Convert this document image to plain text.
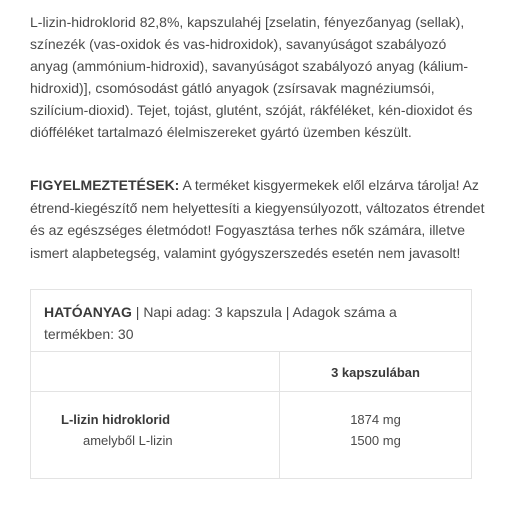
L-lizin-hidroklorid 82,8%, kapszulahéj [zselatin, fényezőanyag (sellak), színezék (vas-oxidok és vas-hidroxidok), savanyúságot szabályozó anyag (ammónium-hidroxid), savanyúságot szabályozó anyag (kálium-hidroxid)], csomósodást gátló anyagok (zsírsavak magnéziumsói, szilícium-dioxid). Tejet, tojást, glutént, szóját, rákféléket, kén-dioxidot és diófféléket tartalmazó élelmiszereket gyártó üzemben készült.

FIGYELMEZTETÉSEK: A terméket kisgyermekek elől elzárva tárolja! Az étrend-kiegészítő nem helyettesíti a kiegyensúlyozott, változatos étrendet és az egészséges életmódot! Fogyasztása terhes nők számára, illetve ismert alapbetegség, valamint gyógyszerszedés esetén nem javasolt!

HATÓANYAG | Napi adag: 3 kapszula | Adagok száma a termékben: 30
3 kapszulában
L-lizin hidroklorid
amelyből L-lizin
1874 mg
1500 mg
